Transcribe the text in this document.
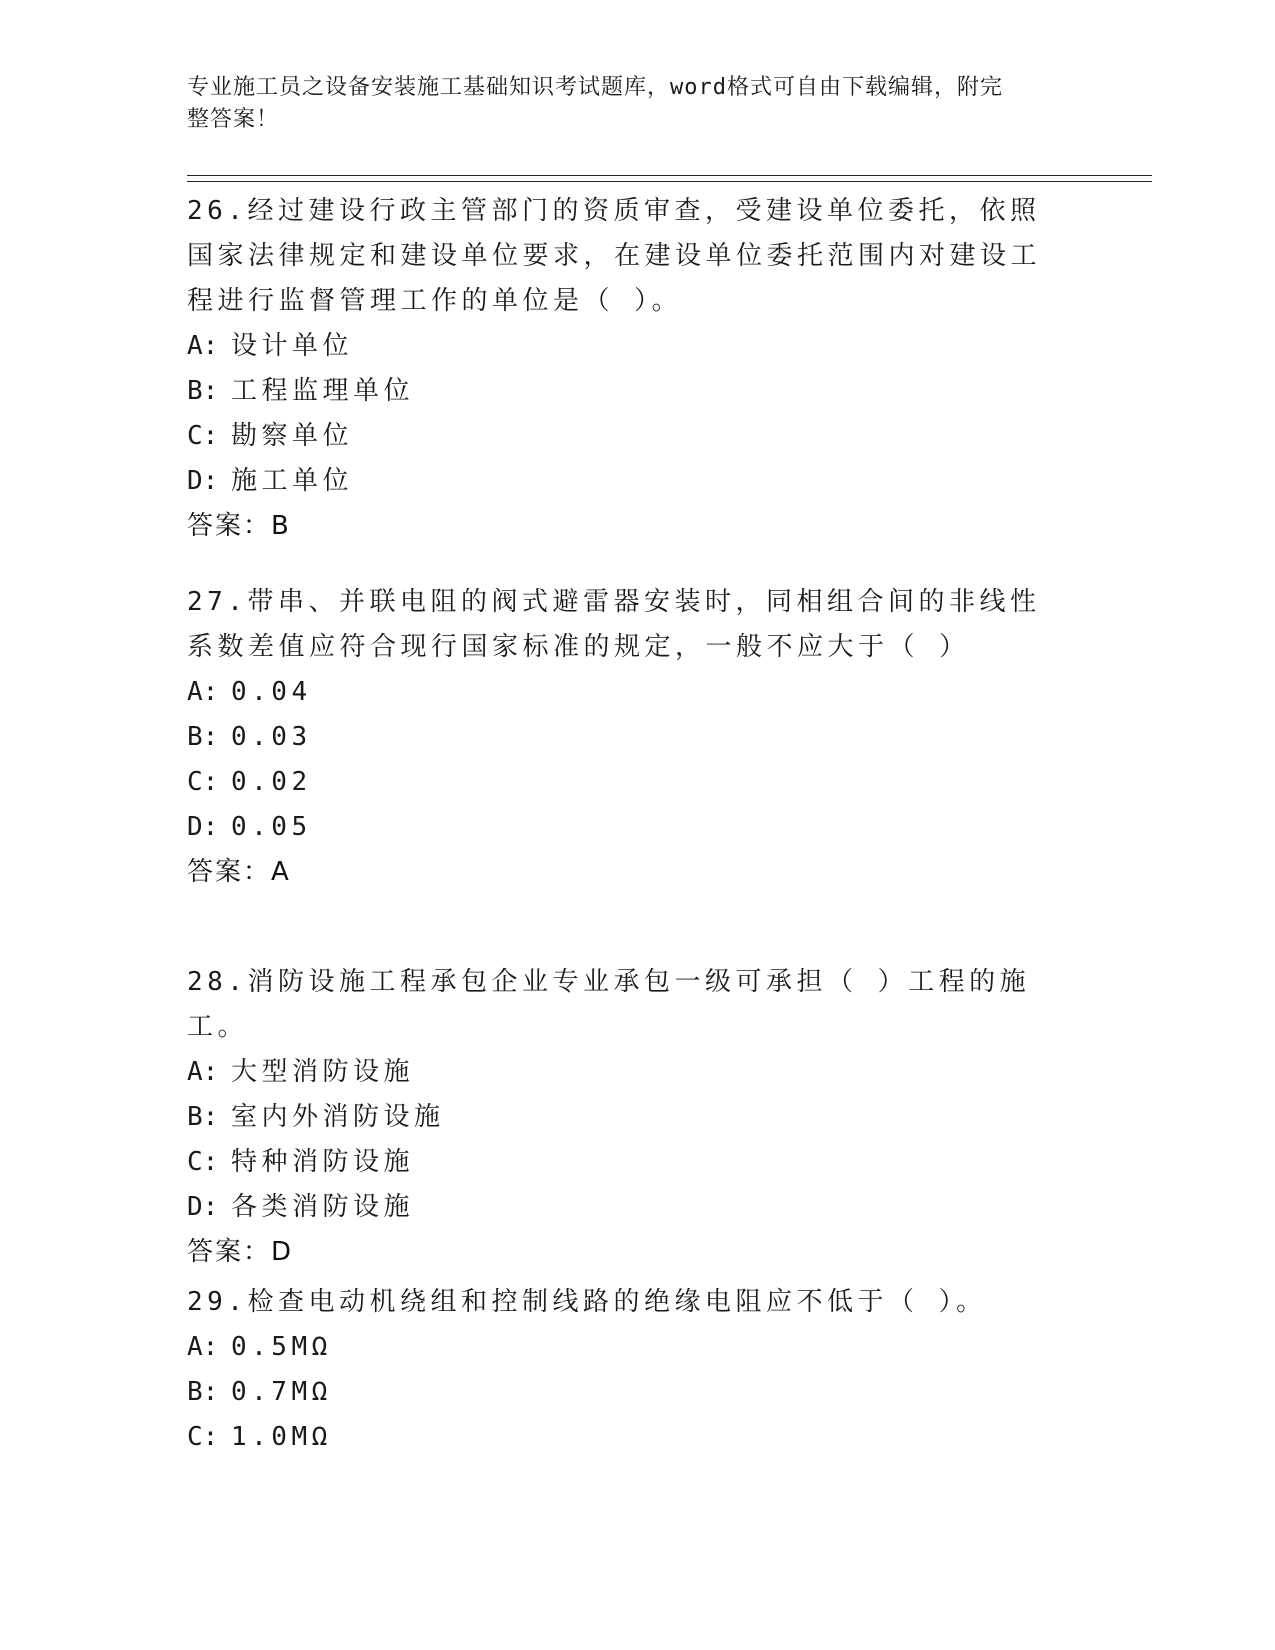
专业施工员之设备安装施工基础知识考试题库，word格式可自由下载编辑，附完
整答案！
26.经过建设行政主管部门的资质审查，受建设单位委托，依照国家法律规定和建设单位要求，在建设单位委托范围内对建设工程进行监督管理工作的单位是（ ）。
A: 设计单位
B: 工程监理单位
C: 勘察单位
D: 施工单位
答案：B
27.带串、并联电阻的阀式避雷器安装时，同相组合间的非线性系数差值应符合现行国家标准的规定，一般不应大于（ ）
A: 0.04
B: 0.03
C: 0.02
D: 0.05
答案：A
28.消防设施工程承包企业专业承包一级可承担（ ）工程的施工。
A: 大型消防设施
B: 室内外消防设施
C: 特种消防设施
D: 各类消防设施
答案：D
29.检查电动机绕组和控制线路的绝缘电阻应不低于（ ）。
A: 0.5MΩ
B: 0.7MΩ
C: 1.0MΩ
